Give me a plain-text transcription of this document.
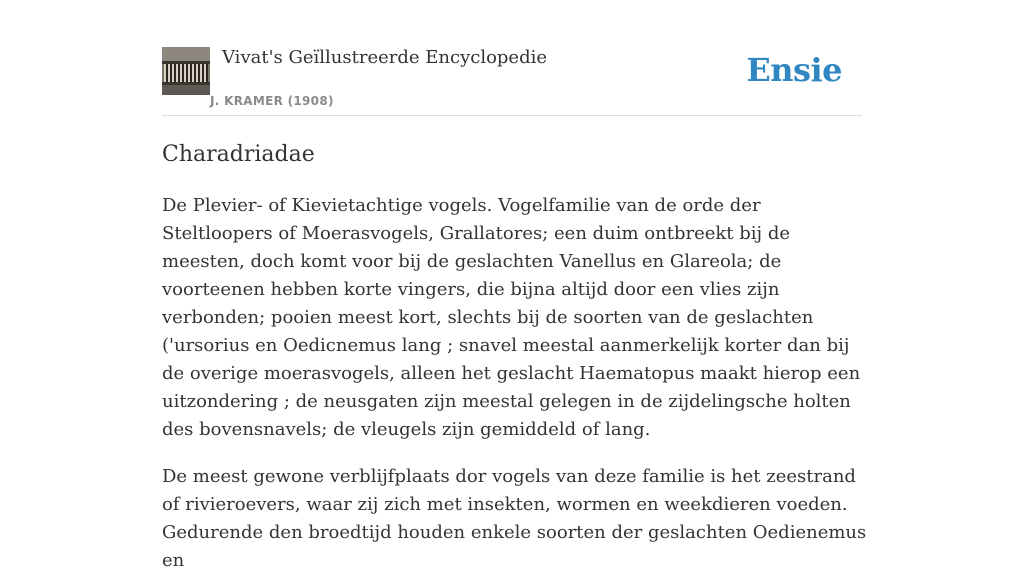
Vivat's Geïllustreerde Encyclopedie
J. KRAMER (1908)
Ensie
Charadriadae

De Plevier- of Kievietachtige vogels. Vogelfamilie van de orde der Steltloopers of Moerasvogels, Grallatores; een duim ontbreekt bij de meesten, doch komt voor bij de geslachten Vanellus en Glareola; de voorteenen hebben korte vingers, die bijna altijd door een vlies zijn verbonden; pooien meest kort, slechts bij de soorten van de geslachten ('ursorius en Oedicnemus lang ; snavel meestal aanmerkelijk korter dan bij de overige moerasvogels, alleen het geslacht Haematopus maakt hierop een uitzondering ; de neusgaten zijn meestal gelegen in de zijdelingsche holten des bovensnavels; de vleugels zijn gemiddeld of lang.

De meest gewone verblijfplaats dor vogels van deze familie is het zeestrand of rivieroevers, waar zij zich met insekten, wormen en weekdieren voeden. Gedurende den broedtijd houden enkele soorten der geslachten Oedienemus en
